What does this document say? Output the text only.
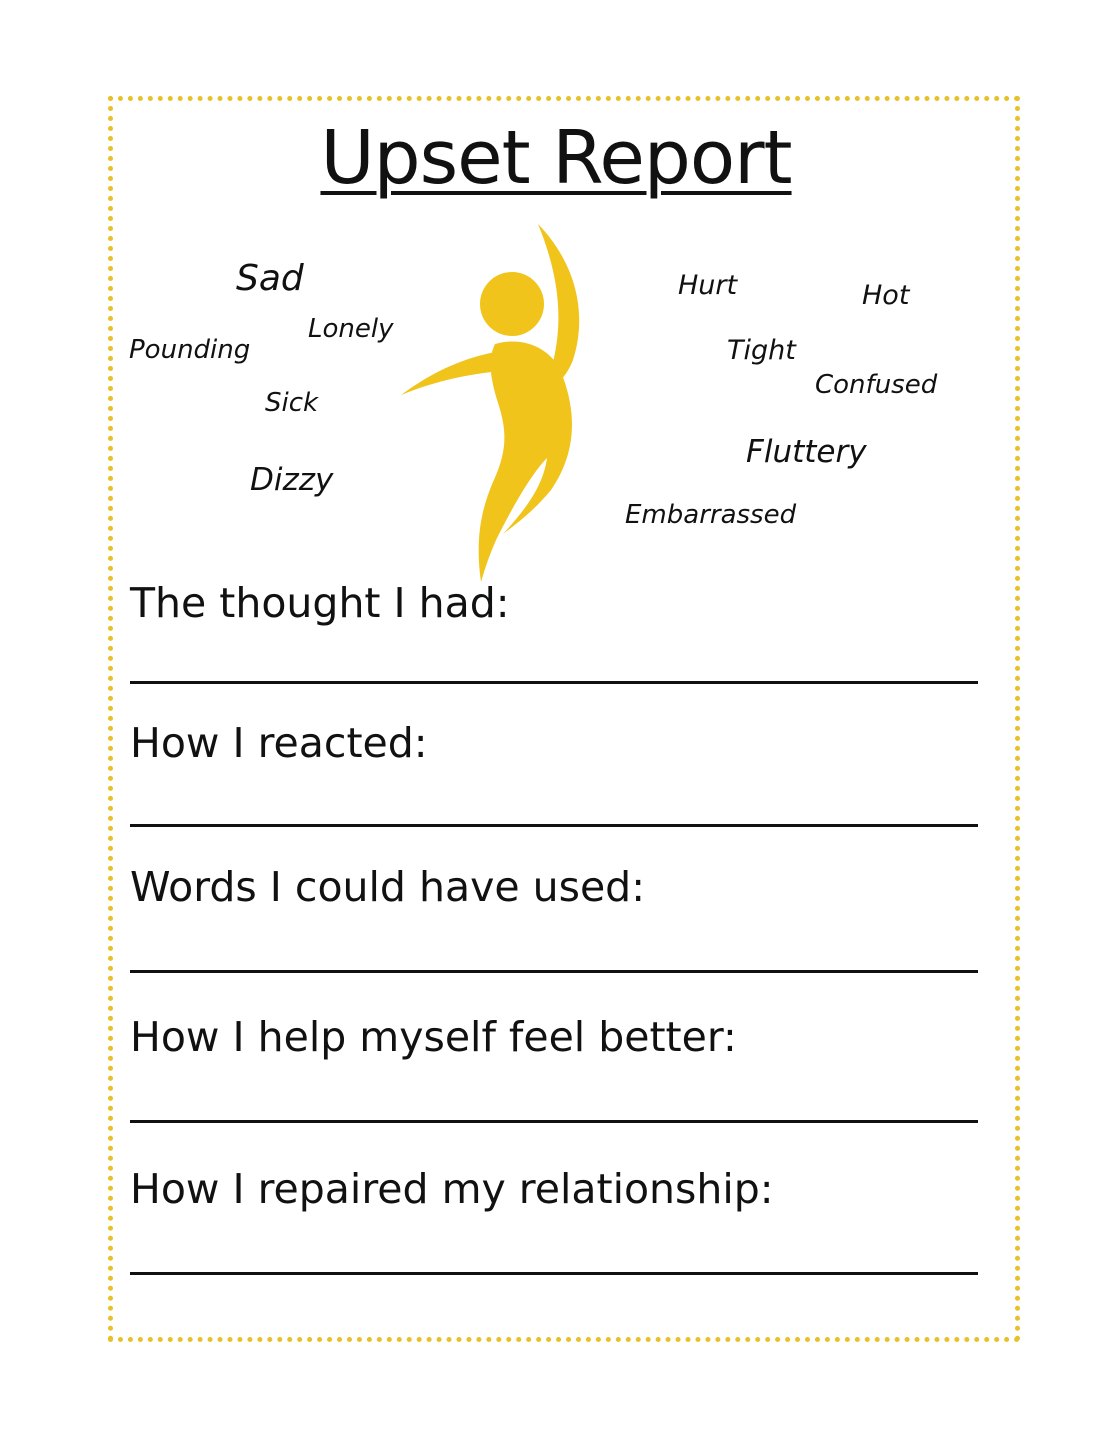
Upset Report
Sad
Lonely
Pounding
Sick
Dizzy
Hurt	Hot
Tight
Confused
Fluttery
Embarrassed
The thought I had:
How I reacted:
Words I could have used:
How I help myself feel better:
How I repaired my relationship:
